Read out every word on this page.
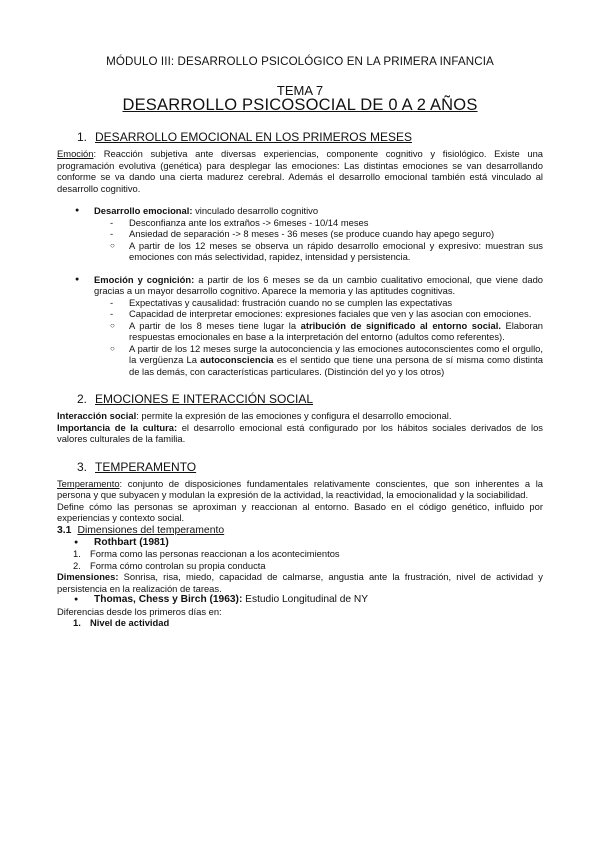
MÓDULO III: DESARROLLO PSICOLÓGICO EN LA PRIMERA INFANCIA
TEMA 7
DESARROLLO PSICOSOCIAL DE 0 A 2 AÑOS
1. DESARROLLO EMOCIONAL EN LOS PRIMEROS MESES

Emoción: Reacción subjetiva ante diversas experiencias, componente cognitivo y fisiológico. Existe una programación evolutiva (genética) para desplegar las emociones: Las distintas emociones se van desarrollando conforme se va dando una cierta madurez cerebral. Además el desarrollo emocional también está vinculado al desarrollo cognitivo.

● Desarrollo emocional: vinculado desarrollo cognitivo
- Desconfianza ante los extraños -> 6meses - 10/14 meses
- Ansiedad de separación -> 8 meses - 36 meses (se produce cuando hay apego seguro)
○ A partir de los 12 meses se observa un rápido desarrollo emocional y expresivo: muestran sus emociones con más selectividad, rapidez, intensidad y persistencia.
● Emoción y cognición: a partir de los 6 meses se da un cambio cualitativo emocional, que viene dado gracias a un mayor desarrollo cognitivo. Aparece la memoria y las aptitudes cognitivas.
- Expectativas y causalidad: frustración cuando no se cumplen las expectativas
- Capacidad de interpretar emociones: expresiones faciales que ven y las asocian con emociones.
○ A partir de los 8 meses tiene lugar la atribución de significado al entorno social. Elaboran respuestas emocionales en base a la interpretación del entorno (adultos como referentes).
○ A partir de los 12 meses surge la autoconciencia y las emociones autoconscientes como el orgullo, la vergüenza La autoconsciencia es el sentido que tiene una persona de sí misma como distinta de las demás, con características particulares. (Distinción del yo y los otros)
2. EMOCIONES E INTERACCIÓN SOCIAL

Interacción social: permite la expresión de las emociones y configura el desarrollo emocional.

Importancia de la cultura: el desarrollo emocional está configurado por los hábitos sociales derivados de los valores culturales de la familia.

3. TEMPERAMENTO

Temperamento: conjunto de disposiciones fundamentales relativamente conscientes, que son inherentes a la persona y que subyacen y modulan la expresión de la actividad, la reactividad, la emocionalidad y la sociabilidad.

Define cómo las personas se aproximan y reaccionan al entorno. Basado en el código genético, influido por experiencias y contexto social.

3.1 Dimensiones del temperamento
● Rothbart (1981)
1. Forma como las personas reaccionan a los acontecimientos
2. Forma cómo controlan su propia conducta

Dimensiones: Sonrisa, risa, miedo, capacidad de calmarse, angustia ante la frustración, nivel de actividad y persistencia en la realización de tareas.

● Thomas, Chess y Birch (1963): Estudio Longitudinal de NY

Diferencias desde los primeros días en:

1. Nivel de actividad
